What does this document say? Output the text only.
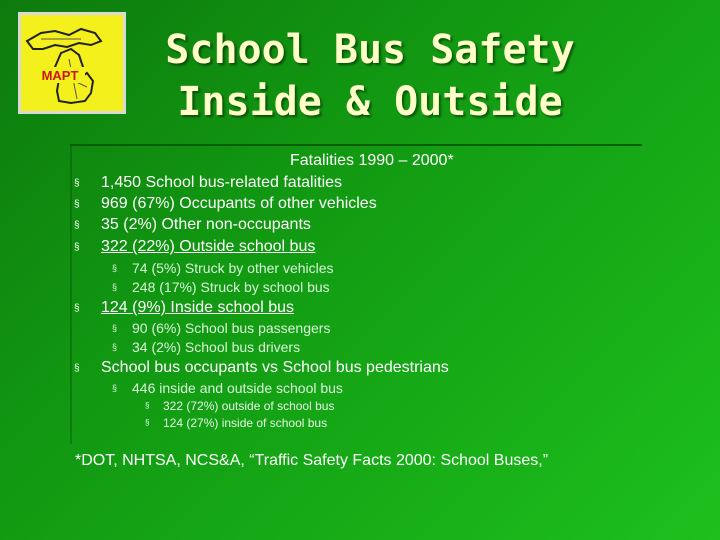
MAPT
School Bus Safety
Inside & Outside
Fatalities 1990 – 2000*
§ 1,450 School bus-related fatalities
§ 969 (67%) Occupants of other vehicles
§ 35 (2%) Other non-occupants
§ 322 (22%) Outside school bus
§ 74 (5%) Struck by other vehicles
§ 248 (17%) Struck by school bus
§ 124 (9%) Inside school bus
§ 90 (6%) School bus passengers
§ 34 (2%) School bus drivers
§ School bus occupants vs School bus pedestrians
§ 446 inside and outside school bus
§ 322 (72%) outside of school bus
§ 124 (27%) inside of school bus
*DOT, NHTSA, NCS&A, “Traffic Safety Facts 2000: School Buses,”
